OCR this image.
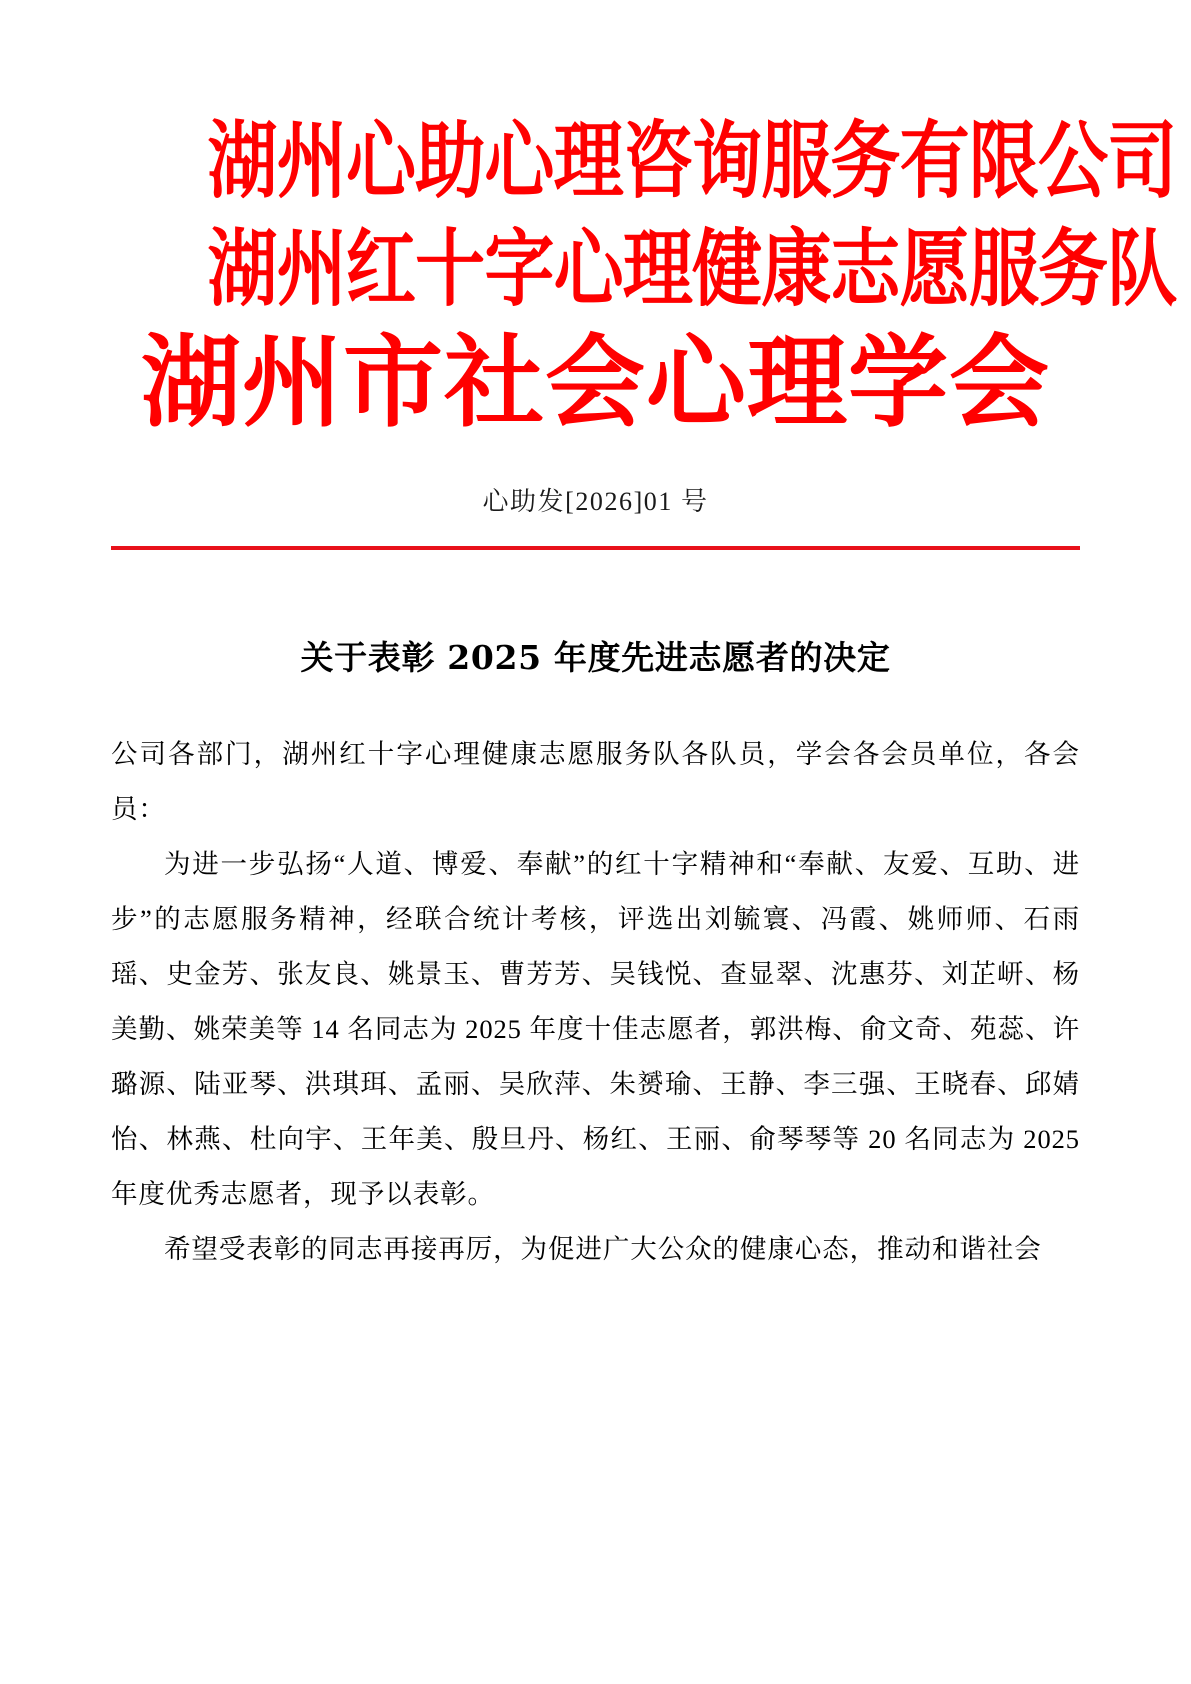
湖州心助心理咨询服务有限公司 湖州红十字心理健康志愿服务队 湖州市社会心理学会
心助发[2026]01 号
关于表彰 2025 年度先进志愿者的决定

公司各部门，湖州红十字心理健康志愿服务队各队员，学会各会员单位，各会员：

为进一步弘扬“人道、博爱、奉献”的红十字精神和“奉献、友爱、互助、进步”的志愿服务精神，经联合统计考核，评选出刘毓寰、冯霞、姚师师、石雨瑶、史金芳、张友良、姚景玉、曹芳芳、吴钱悦、查显翠、沈惠芬、刘芷岍、杨美勤、姚荣美等 14 名同志为 2025 年度十佳志愿者，郭洪梅、俞文奇、苑蕊、许璐源、陆亚琴、洪琪珥、孟丽、吴欣萍、朱赟瑜、王静、李三强、王晓春、邱婧怡、林燕、杜向宇、王年美、殷旦丹、杨红、王丽、俞琴琴等 20 名同志为 2025 年度优秀志愿者，现予以表彰。

希望受表彰的同志再接再厉，为促进广大公众的健康心态，推动和谐社会
